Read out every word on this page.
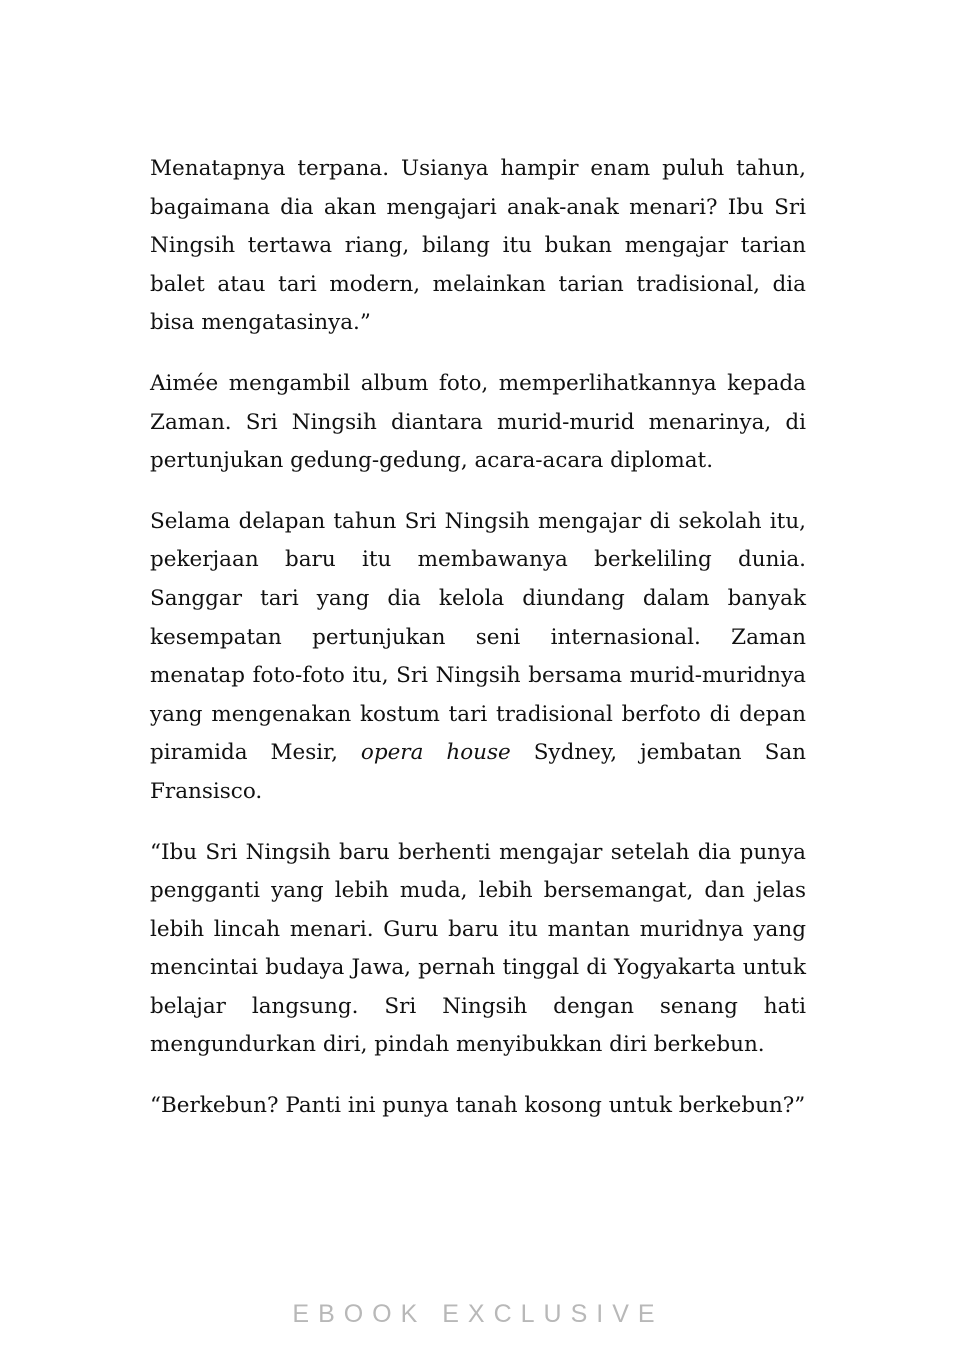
Menatapnya terpana. Usianya hampir enam puluh tahun, bagaimana dia akan mengajari anak-anak menari? Ibu Sri Ningsih tertawa riang, bilang itu bukan mengajar tarian balet atau tari modern, melainkan tarian tradisional, dia bisa mengatasinya.”

Aimée mengambil album foto, memperlihatkannya kepada Zaman. Sri Ningsih diantara murid-murid menarinya, di pertunjukan gedung-gedung, acara-acara diplomat.

Selama delapan tahun Sri Ningsih mengajar di sekolah itu, pekerjaan baru itu membawanya berkeliling dunia. Sanggar tari yang dia kelola diundang dalam banyak kesempatan pertunjukan seni internasional. Zaman menatap foto-foto itu, Sri Ningsih bersama murid-muridnya yang mengenakan kostum tari tradisional berfoto di depan piramida Mesir, opera house Sydney, jembatan San Fransisco.

“Ibu Sri Ningsih baru berhenti mengajar setelah dia punya pengganti yang lebih muda, lebih bersemangat, dan jelas lebih lincah menari. Guru baru itu mantan muridnya yang mencintai budaya Jawa, pernah tinggal di Yogyakarta untuk belajar langsung. Sri Ningsih dengan senang hati mengundurkan diri, pindah menyibukkan diri berkebun.

“Berkebun? Panti ini punya tanah kosong untuk berkebun?”

EBOOK EXCLUSIVE
